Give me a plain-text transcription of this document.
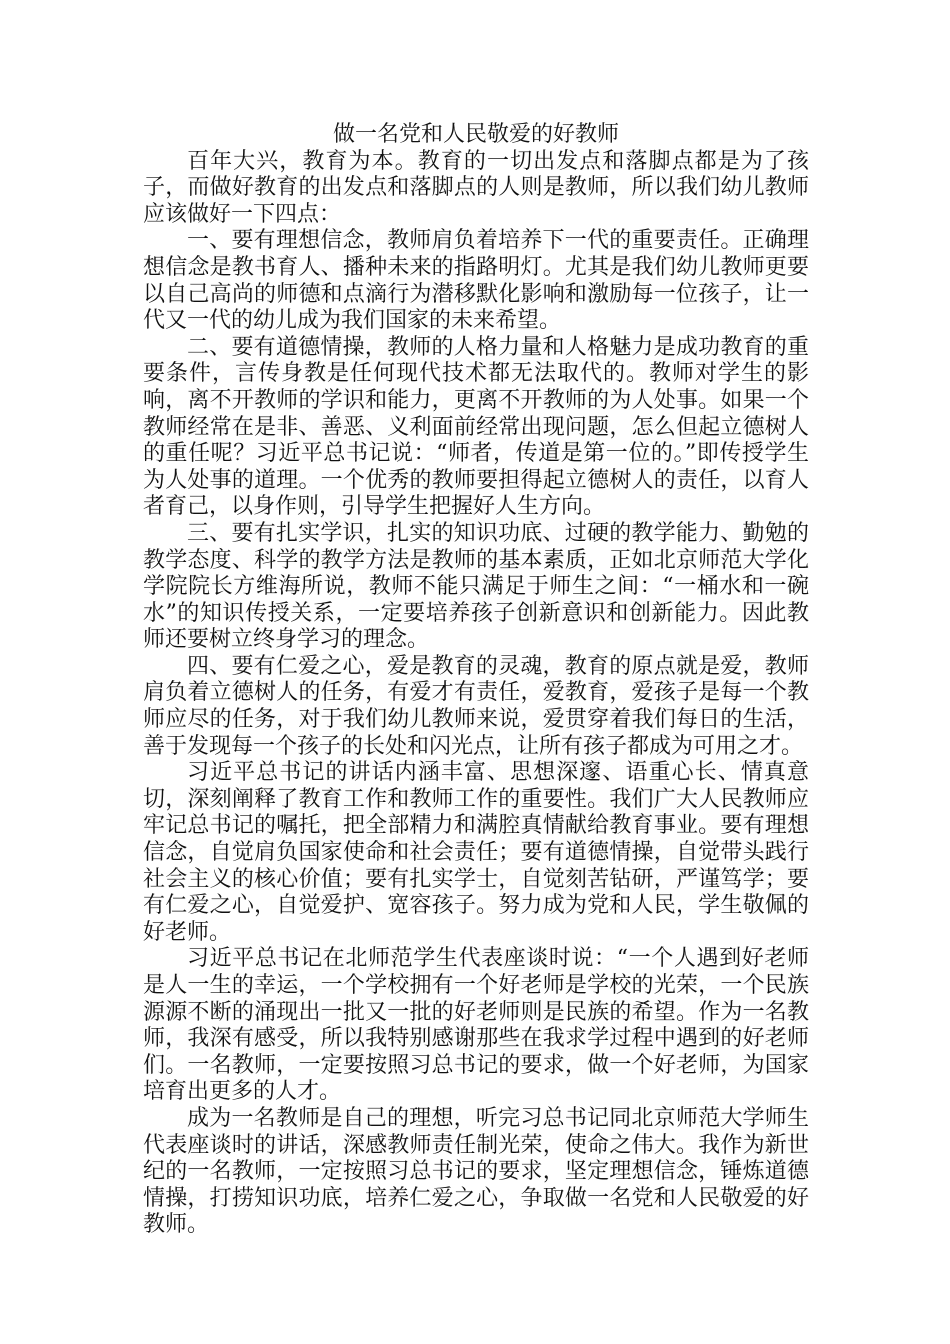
做一名党和人民敬爱的好教师

百年大兴，教育为本。教育的一切出发点和落脚点都是为了孩子，而做好教育的出发点和落脚点的人则是教师，所以我们幼儿教师应该做好一下四点：

一、要有理想信念，教师肩负着培养下一代的重要责任。正确理想信念是教书育人、播种未来的指路明灯。尤其是我们幼儿教师更要以自己高尚的师德和点滴行为潜移默化影响和激励每一位孩子，让一代又一代的幼儿成为我们国家的未来希望。

二、要有道德情操，教师的人格力量和人格魅力是成功教育的重要条件，言传身教是任何现代技术都无法取代的。教师对学生的影响，离不开教师的学识和能力，更离不开教师的为人处事。如果一个教师经常在是非、善恶、义利面前经常出现问题，怎么但起立德树人的重任呢？习近平总书记说：“师者，传道是第一位的。”即传授学生为人处事的道理。一个优秀的教师要担得起立德树人的责任，以育人者育己，以身作则，引导学生把握好人生方向。

三、要有扎实学识，扎实的知识功底、过硬的教学能力、勤勉的教学态度、科学的教学方法是教师的基本素质，正如北京师范大学化学院院长方维海所说，教师不能只满足于师生之间：“一桶水和一碗水”的知识传授关系，一定要培养孩子创新意识和创新能力。因此教师还要树立终身学习的理念。

四、要有仁爱之心，爱是教育的灵魂，教育的原点就是爱，教师肩负着立德树人的任务，有爱才有责任，爱教育，爱孩子是每一个教师应尽的任务，对于我们幼儿教师来说，爱贯穿着我们每日的生活，善于发现每一个孩子的长处和闪光点，让所有孩子都成为可用之才。

习近平总书记的讲话内涵丰富、思想深邃、语重心长、情真意切，深刻阐释了教育工作和教师工作的重要性。我们广大人民教师应牢记总书记的嘱托，把全部精力和满腔真情献给教育事业。要有理想信念，自觉肩负国家使命和社会责任；要有道德情操，自觉带头践行社会主义的核心价值；要有扎实学士，自觉刻苦钻研，严谨笃学；要有仁爱之心，自觉爱护、宽容孩子。努力成为党和人民，学生敬佩的好老师。

习近平总书记在北师范学生代表座谈时说：“一个人遇到好老师是人一生的幸运，一个学校拥有一个好老师是学校的光荣，一个民族源源不断的涌现出一批又一批的好老师则是民族的希望。作为一名教师，我深有感受，所以我特别感谢那些在我求学过程中遇到的好老师们。一名教师，一定要按照习总书记的要求，做一个好老师，为国家培育出更多的人才。

成为一名教师是自己的理想，听完习总书记同北京师范大学师生代表座谈时的讲话，深感教师责任制光荣，使命之伟大。我作为新世纪的一名教师，一定按照习总书记的要求，坚定理想信念，锤炼道德情操，打捞知识功底，培养仁爱之心，争取做一名党和人民敬爱的好教师。
